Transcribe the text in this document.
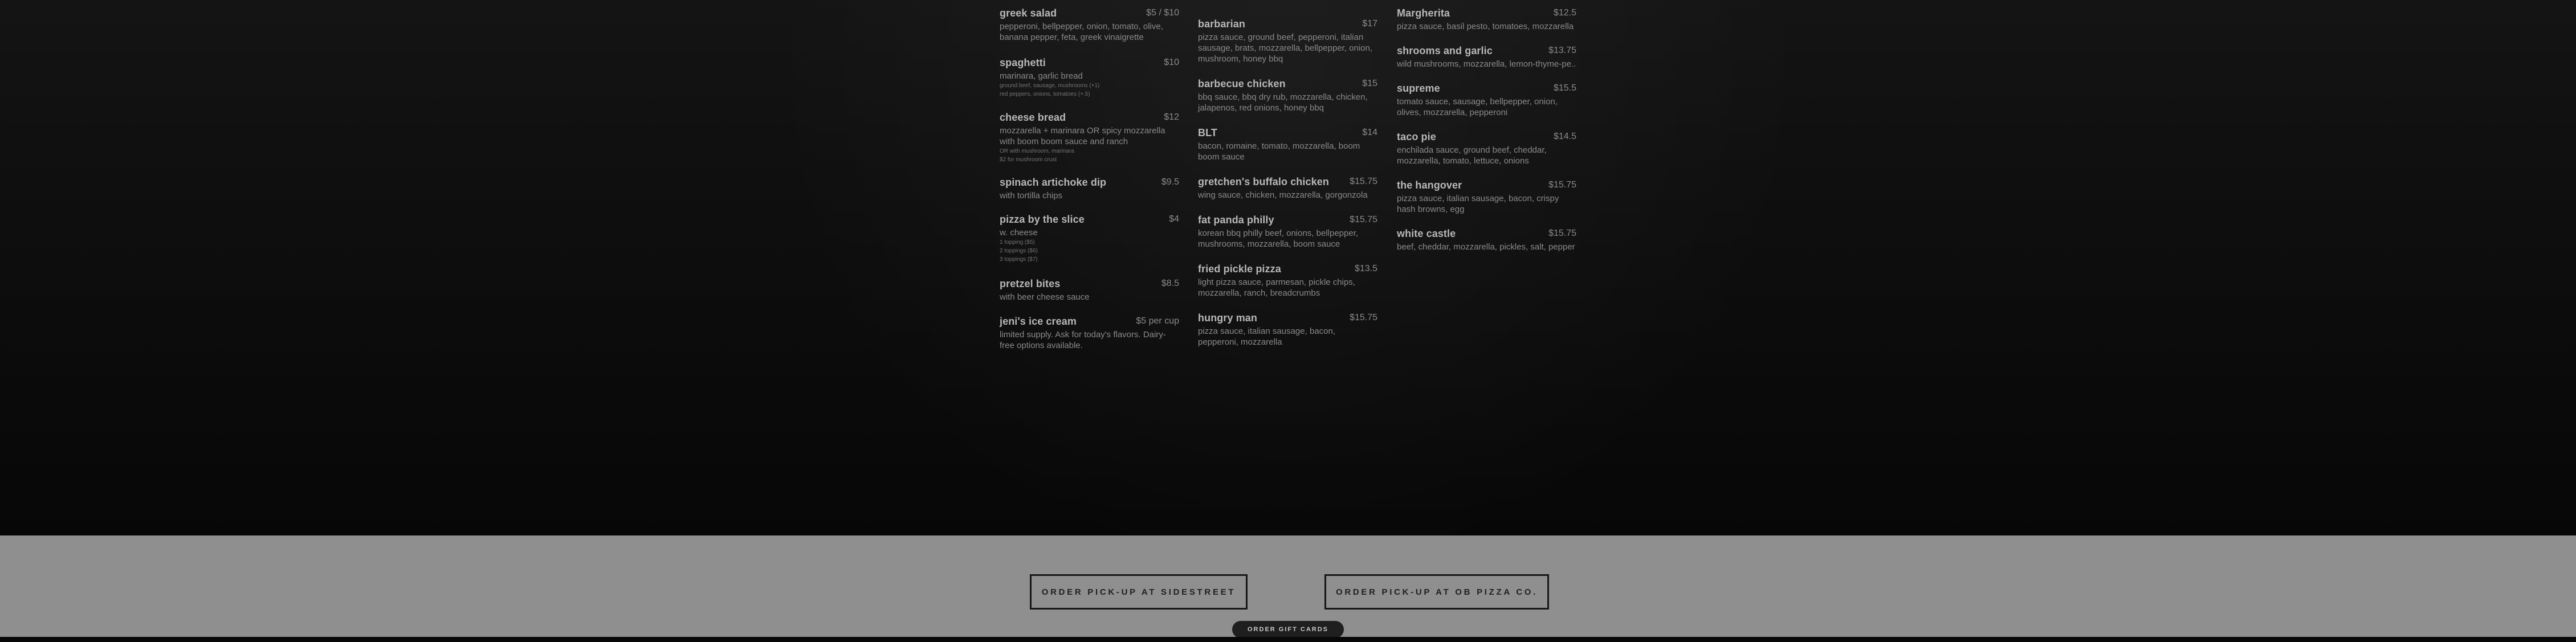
greek salad	$5 / $10
pepperoni, bellpepper, onion, tomato, olive, banana pepper, feta, greek vinaigrette
spaghetti	$10
marinara, garlic bread
ground beef, sausage, mushrooms (+1)
red peppers, onions, tomatoes (+.5)
cheese bread	$12
mozzarella + marinara OR spicy mozzarella with boom boom sauce and ranch
OR with mushroom, marinara
$2 for mushroom crust
spinach artichoke dip	$9.5
with tortilla chips
pizza by the slice	$4
w. cheese
1 topping ($5)
2 toppings ($6)
3 toppings ($7)
pretzel bites	$8.5
with beer cheese sauce
jeni's ice cream	$5 per cup
limited supply. Ask for today's flavors. Dairy-free options available.
barbarian	$17
pizza sauce, ground beef, pepperoni, italian sausage, brats, mozzarella, bellpepper, onion, mushroom, honey bbq
barbecue chicken	$15
bbq sauce, bbq dry rub, mozzarella, chicken, jalapenos, red onions, honey bbq
BLT	$14
bacon, romaine, tomato, mozzarella, boom boom sauce
gretchen's buffalo chicken	$15.75
wing sauce, chicken, mozzarella, gorgonzola
fat panda philly	$15.75
korean bbq philly beef, onions, bellpepper, mushrooms, mozzarella, boom sauce
fried pickle pizza	$13.5
light pizza sauce, parmesan, pickle chips, mozzarella, ranch, breadcrumbs
hungry man	$15.75
pizza sauce, italian sausage, bacon, pepperoni, mozzarella
Margherita	$12.5
pizza sauce, basil pesto, tomatoes, mozzarella
shrooms and garlic	$13.75
wild mushrooms, mozzarella, lemon-thyme-pe..
supreme	$15.5
tomato sauce, sausage, bellpepper, onion, olives, mozzarella, pepperoni
taco pie	$14.5
enchilada sauce, ground beef, cheddar, mozzarella, tomato, lettuce, onions
the hangover	$15.75
pizza sauce, italian sausage, bacon, crispy hash browns, egg
white castle	$15.75
beef, cheddar, mozzarella, pickles, salt, pepper
ORDER PICK-UP AT SIDESTREET	ORDER PICK-UP AT OB PIZZA CO.
ORDER GIFT CARDS
